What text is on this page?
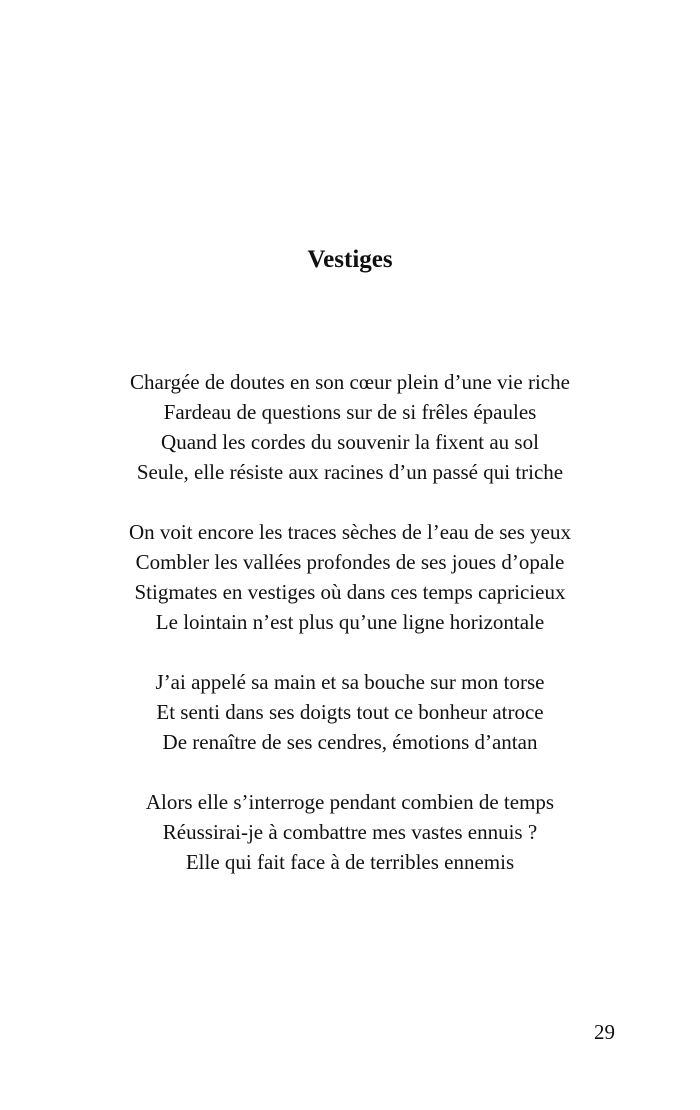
Vestiges
Chargée de doutes en son cœur plein d’une vie riche
Fardeau de questions sur de si frêles épaules
Quand les cordes du souvenir la fixent au sol
Seule, elle résiste aux racines d’un passé qui triche
On voit encore les traces sèches de l’eau de ses yeux
Combler les vallées profondes de ses joues d’opale
Stigmates en vestiges où dans ces temps capricieux
Le lointain n’est plus qu’une ligne horizontale
J’ai appelé sa main et sa bouche sur mon torse
Et senti dans ses doigts tout ce bonheur atroce
De renaître de ses cendres, émotions d’antan
Alors elle s’interroge pendant combien de temps
Réussirai-je à combattre mes vastes ennuis ?
Elle qui fait face à de terribles ennemis
29
